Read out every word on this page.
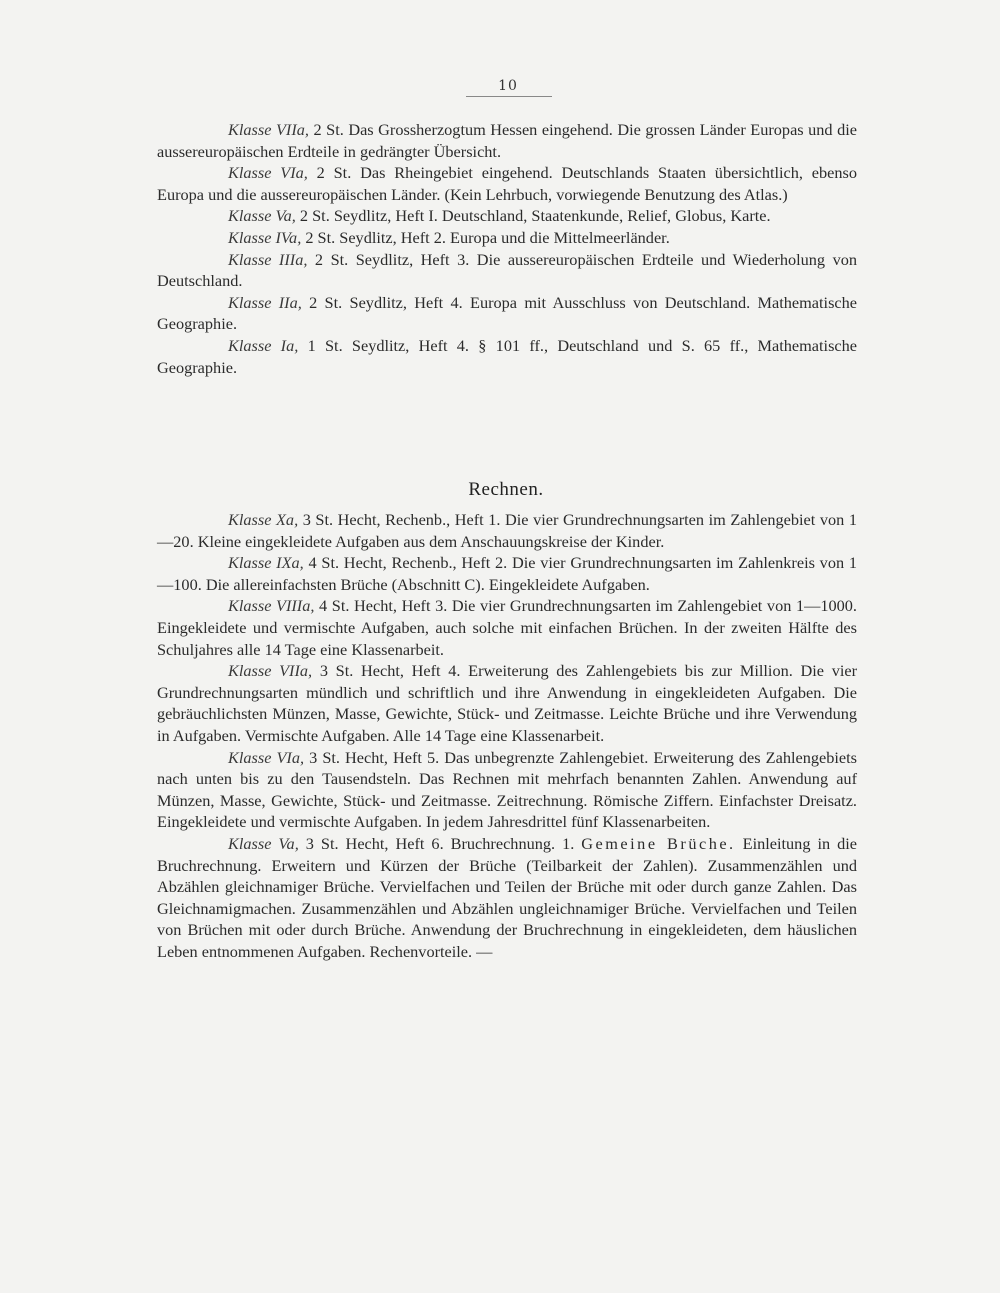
10

Klasse VIIa, 2 St. Das Grossherzogtum Hessen eingehend. Die grossen Länder Europas und die aussereuropäischen Erdteile in gedrängter Übersicht.

Klasse VIa, 2 St. Das Rheingebiet eingehend. Deutschlands Staaten übersichtlich, ebenso Europa und die aussereuropäischen Länder. (Kein Lehrbuch, vorwiegende Benutzung des Atlas.)

Klasse Va, 2 St. Seydlitz, Heft I. Deutschland, Staatenkunde, Relief, Globus, Karte.

Klasse IVa, 2 St. Seydlitz, Heft 2. Europa und die Mittelmeerländer.

Klasse IIIa, 2 St. Seydlitz, Heft 3. Die aussereuropäischen Erdteile und Wiederholung von Deutschland.

Klasse IIa, 2 St. Seydlitz, Heft 4. Europa mit Ausschluss von Deutschland. Mathematische Geographie.

Klasse Ia, 1 St. Seydlitz, Heft 4. § 101 ff., Deutschland und S. 65 ff., Mathematische Geographie.

Rechnen.

Klasse Xa, 3 St. Hecht, Rechenb., Heft 1. Die vier Grundrechnungsarten im Zahlengebiet von 1—20. Kleine eingekleidete Aufgaben aus dem Anschauungskreise der Kinder.

Klasse IXa, 4 St. Hecht, Rechenb., Heft 2. Die vier Grundrechnungsarten im Zahlenkreis von 1—100. Die allereinfachsten Brüche (Abschnitt C). Eingekleidete Aufgaben.

Klasse VIIIa, 4 St. Hecht, Heft 3. Die vier Grundrechnungsarten im Zahlengebiet von 1—1000. Eingekleidete und vermischte Aufgaben, auch solche mit einfachen Brüchen. In der zweiten Hälfte des Schuljahres alle 14 Tage eine Klassenarbeit.

Klasse VIIa, 3 St. Hecht, Heft 4. Erweiterung des Zahlengebiets bis zur Million. Die vier Grundrechnungsarten mündlich und schriftlich und ihre Anwendung in eingekleideten Aufgaben. Die gebräuchlichsten Münzen, Masse, Gewichte, Stück- und Zeitmasse. Leichte Brüche und ihre Verwendung in Aufgaben. Vermischte Aufgaben. Alle 14 Tage eine Klassenarbeit.

Klasse VIa, 3 St. Hecht, Heft 5. Das unbegrenzte Zahlengebiet. Erweiterung des Zahlengebiets nach unten bis zu den Tausendsteln. Das Rechnen mit mehrfach benannten Zahlen. Anwendung auf Münzen, Masse, Gewichte, Stück- und Zeitmasse. Zeitrechnung. Römische Ziffern. Einfachster Dreisatz. Eingekleidete und vermischte Aufgaben. In jedem Jahresdrittel fünf Klassenarbeiten.

Klasse Va, 3 St. Hecht, Heft 6. Bruchrechnung. 1. Gemeine Brüche. Einleitung in die Bruchrechnung. Erweitern und Kürzen der Brüche (Teilbarkeit der Zahlen). Zusammenzählen und Abzählen gleichnamiger Brüche. Vervielfachen und Teilen der Brüche mit oder durch ganze Zahlen. Das Gleichnamigmachen. Zusammenzählen und Abzählen ungleichnamiger Brüche. Vervielfachen und Teilen von Brüchen mit oder durch Brüche. Anwendung der Bruchrechnung in eingekleideten, dem häuslichen Leben entnommenen Aufgaben. Rechenvorteile. —
